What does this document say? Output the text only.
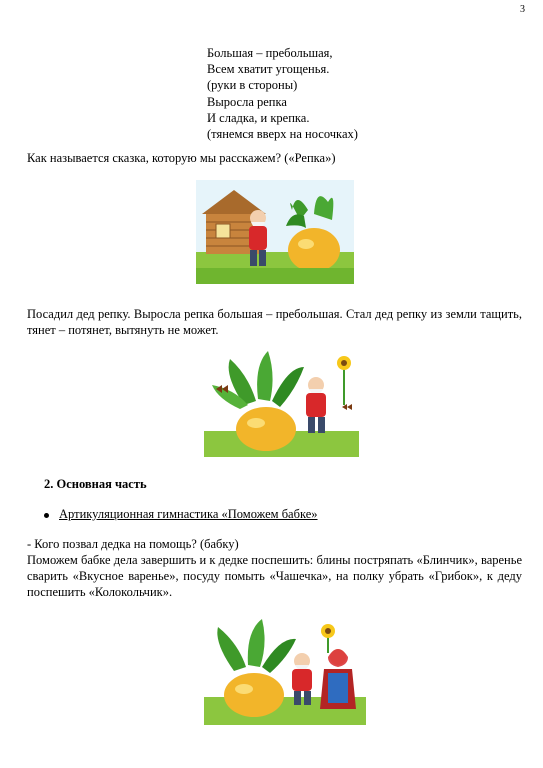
3
Большая – пребольшая,
Всем хватит угощенья.
(руки в стороны)
Выросла репка
И сладка, и крепка.
(тянемся вверх на носочках)
Как называется сказка, которую мы расскажем? («Репка»)
Посадил дед репку. Выросла репка большая – пребольшая. Стал дед репку из земли тащить, тянет – потянет, вытянуть не может.
2. Основная часть
Артикуляционная гимнастика «Поможем бабке»
- Кого позвал дедка на помощь? (бабку)
Поможем бабке дела завершить и к дедке поспешить: блины постряпать «Блинчик», варенье сварить «Вкусное варенье», посуду помыть «Чашечка», на полку убрать «Грибок», к деду поспешить «Колокольчик».
